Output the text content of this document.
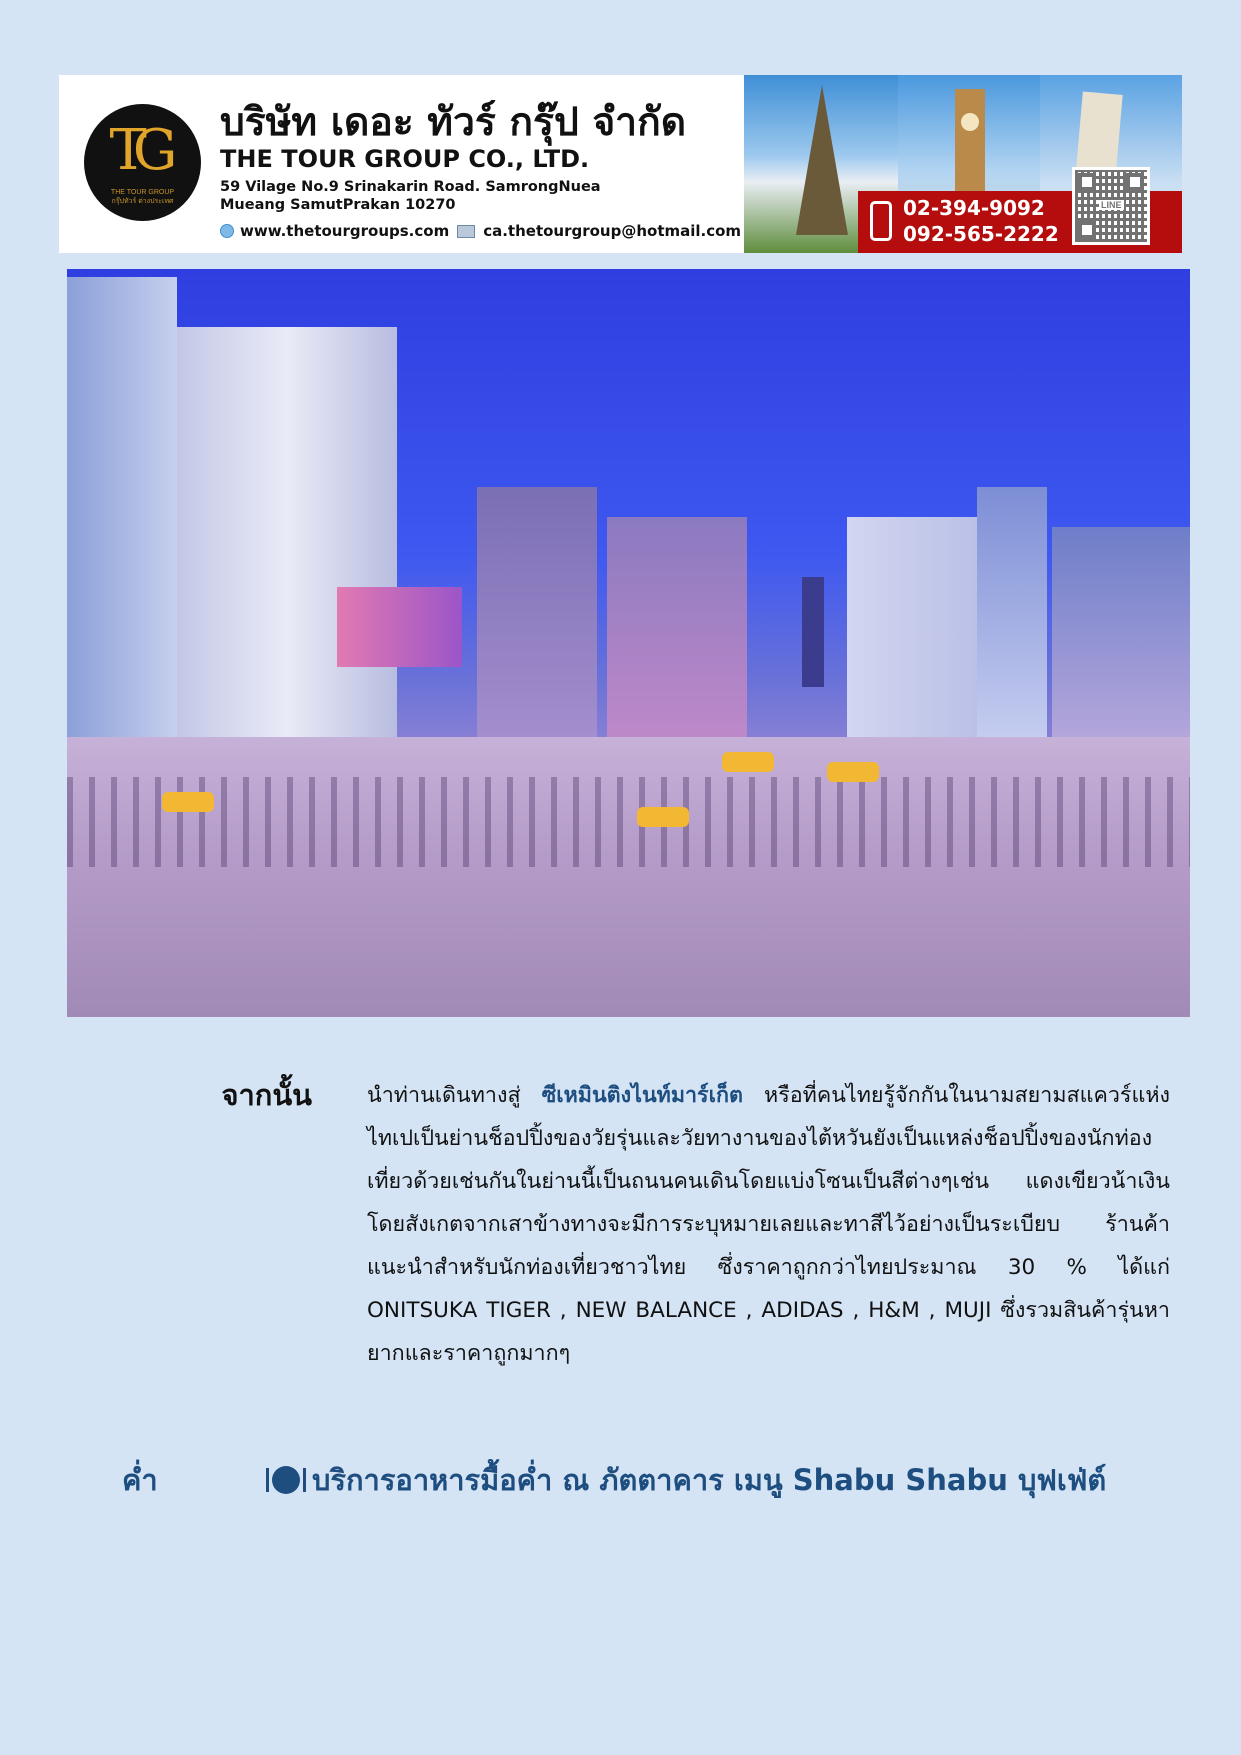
TG
THE TOUR GROUP
กรุ๊ปทัวร์ ต่างประเทศ
บริษัท เดอะ ทัวร์ กรุ๊ป จำกัด
THE TOUR GROUP CO., LTD.
59 Vilage No.9 Srinakarin Road. SamrongNuea
Mueang SamutPrakan 10270
www.thetourgroups.com ca.thetourgroup@hotmail.com
02-394-9092
092-565-2222
LINE
จากนั้น	นำท่านเดินทางสู่ ซีเหมินติงไนท์มาร์เก็ต หรือที่คนไทยรู้จักกันในนามสยามสแควร์แห่งไทเปเป็นย่านช็อปปิ้งของวัยรุ่นและวัยทางานของไต้หวันยังเป็นแหล่งช็อปปิ้งของนักท่องเที่ยวด้วยเช่นกันในย่านนี้เป็นถนนคนเดินโดยแบ่งโซนเป็นสีต่างๆเช่น แดงเขียวน้าเงิน โดยสังเกตจากเสาข้างทางจะมีการระบุหมายเลยและทาสีไว้อย่างเป็นระเบียบ ร้านค้าแนะนำสำหรับนักท่องเที่ยวชาวไทย ซึ่งราคาถูกกว่าไทยประมาณ 30 % ได้แก่ ONITSUKA TIGER , NEW BALANCE , ADIDAS , H&M , MUJI ซึ่งรวมสินค้ารุ่นหายากและราคาถูกมากๆ
ค่ำ	บริการอาหารมื้อค่ำ ณ ภัตตาคาร เมนู Shabu Shabu บุฟเฟ่ต์
